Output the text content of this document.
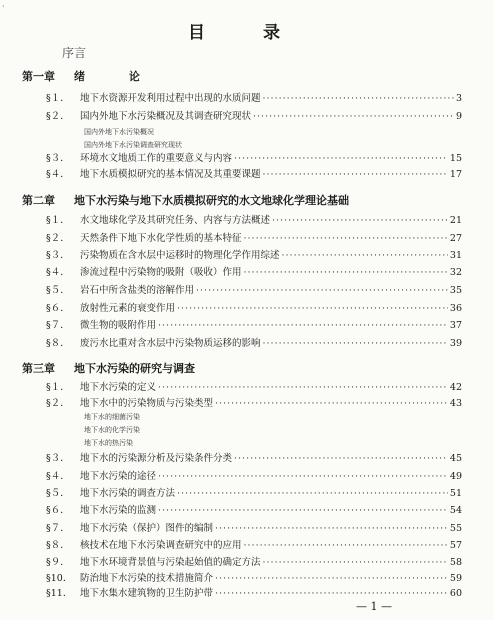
·
目 录
序言
第一章 绪 论
§１． 地下水资源开发利用过程中出现的水质问题 ·····	3
§２． 国内外地下水污染概况及其调查研究现状 ·····	9
国内外地下水污染概况
国内外地下水污染调查研究现状
§３． 环境水文地质工作的重要意义与内容 ·····	15
§４． 地下水质模拟研究的基本情况及其重要课题 ·····	17
第二章 地下水污染与地下水质模拟研究的水文地球化学理论基础
§１． 水文地球化学及其研究任务、内容与方法概述 ·····	21
§２． 天然条件下地下水化学性质的基本特征 ·····	27
§３． 污染物质在含水层中运移时的物理化学作用综述 ·····	31
§４． 渗流过程中污染物的吸附（吸收）作用 ·····	32
§５． 岩石中所含盐类的溶解作用 ·····	35
§６． 放射性元素的衰变作用 ·····	36
§７． 微生物的吸附作用 ·····	37
§８． 废污水比重对含水层中污染物质运移的影响 ·····	39
第三章 地下水污染的研究与调查
§１． 地下水污染的定义 ·····	42
§２． 地下水中的污染物质与污染类型 ·····	43
地下水的细菌污染
地下水的化学污染
地下水的热污染
§３． 地下水的污染源分析及污染条件分类 ·····	45
§４． 地下水污染的途径 ·····	49
§５． 地下水污染的调查方法 ·····	51
§６． 地下水污染的监测 ·····	54
§７． 地下水污染（保护）图件的编制 ·····	55
§８． 核技术在地下水污染调查研究中的应用 ·····	57
§９． 地下水环境背景值与污染起始值的确定方法 ·····	58
§10． 防治地下水污染的技术措施简介 ·····	59
§11． 地下水集水建筑物的卫生防护带 ·····	60
— 1 —
